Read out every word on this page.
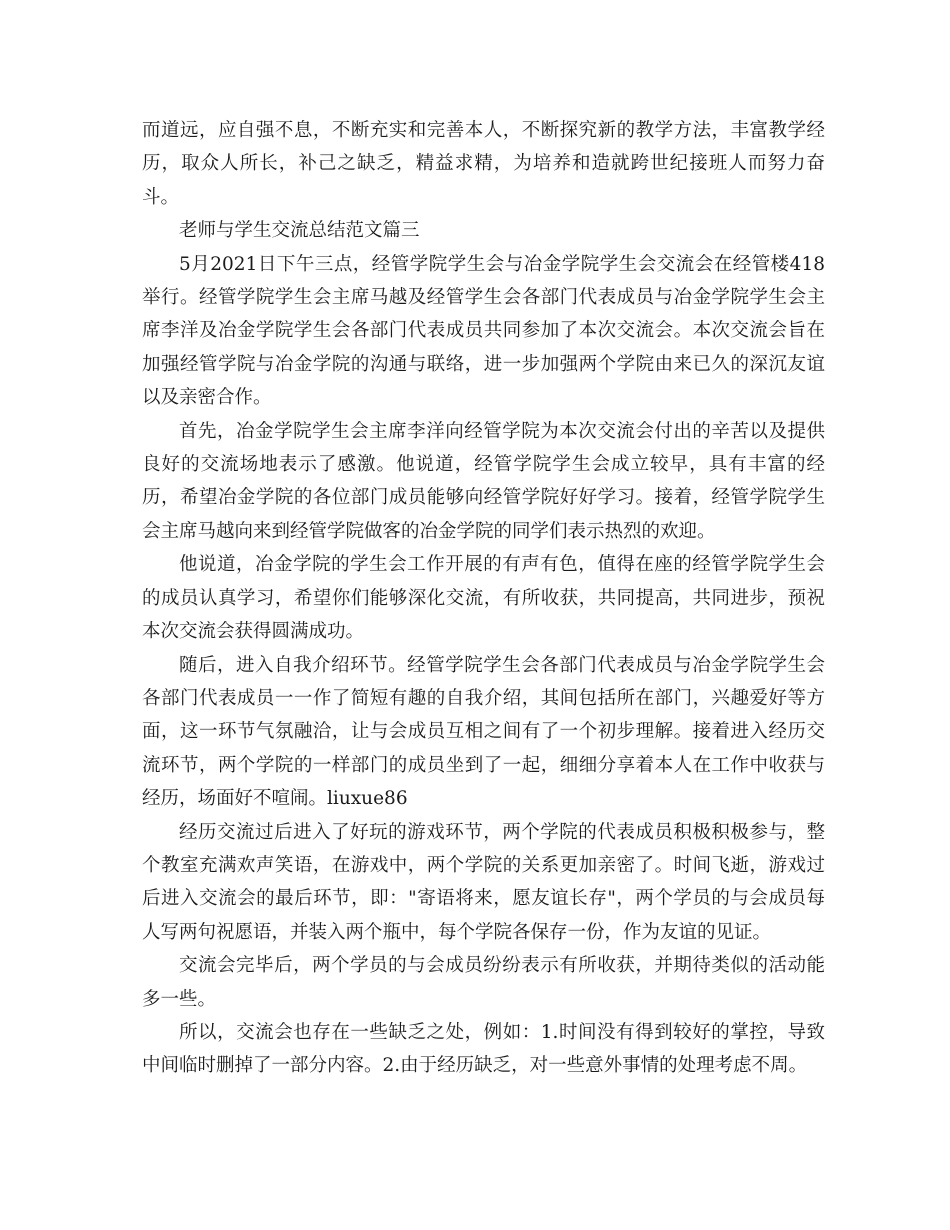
而道远，应自强不息，不断充实和完善本人，不断探究新的教学方法，丰富教学经历，取众人所长，补己之缺乏，精益求精，为培养和造就跨世纪接班人而努力奋斗。

老师与学生交流总结范文篇三

5月2021日下午三点，经管学院学生会与冶金学院学生会交流会在经管楼418举行。经管学院学生会主席马越及经管学生会各部门代表成员与冶金学院学生会主席李洋及冶金学院学生会各部门代表成员共同参加了本次交流会。本次交流会旨在加强经管学院与冶金学院的沟通与联络，进一步加强两个学院由来已久的深沉友谊以及亲密合作。

首先，冶金学院学生会主席李洋向经管学院为本次交流会付出的辛苦以及提供良好的交流场地表示了感激。他说道，经管学院学生会成立较早，具有丰富的经历，希望冶金学院的各位部门成员能够向经管学院好好学习。接着，经管学院学生会主席马越向来到经管学院做客的冶金学院的同学们表示热烈的欢迎。

他说道，冶金学院的学生会工作开展的有声有色，值得在座的经管学院学生会的成员认真学习，希望你们能够深化交流，有所收获，共同提高，共同进步，预祝本次交流会获得圆满成功。

随后，进入自我介绍环节。经管学院学生会各部门代表成员与冶金学院学生会各部门代表成员一一作了简短有趣的自我介绍，其间包括所在部门，兴趣爱好等方面，这一环节气氛融洽，让与会成员互相之间有了一个初步理解。接着进入经历交流环节，两个学院的一样部门的成员坐到了一起，细细分享着本人在工作中收获与经历，场面好不喧闹。liuxue86

经历交流过后进入了好玩的游戏环节，两个学院的代表成员积极积极参与，整个教室充满欢声笑语，在游戏中，两个学院的关系更加亲密了。时间飞逝，游戏过后进入交流会的最后环节，即："寄语将来，愿友谊长存"，两个学员的与会成员每人写两句祝愿语，并装入两个瓶中，每个学院各保存一份，作为友谊的见证。

交流会完毕后，两个学员的与会成员纷纷表示有所收获，并期待类似的活动能多一些。

所以，交流会也存在一些缺乏之处，例如：1.时间没有得到较好的掌控，导致中间临时删掉了一部分内容。2.由于经历缺乏，对一些意外事情的处理考虑不周。
